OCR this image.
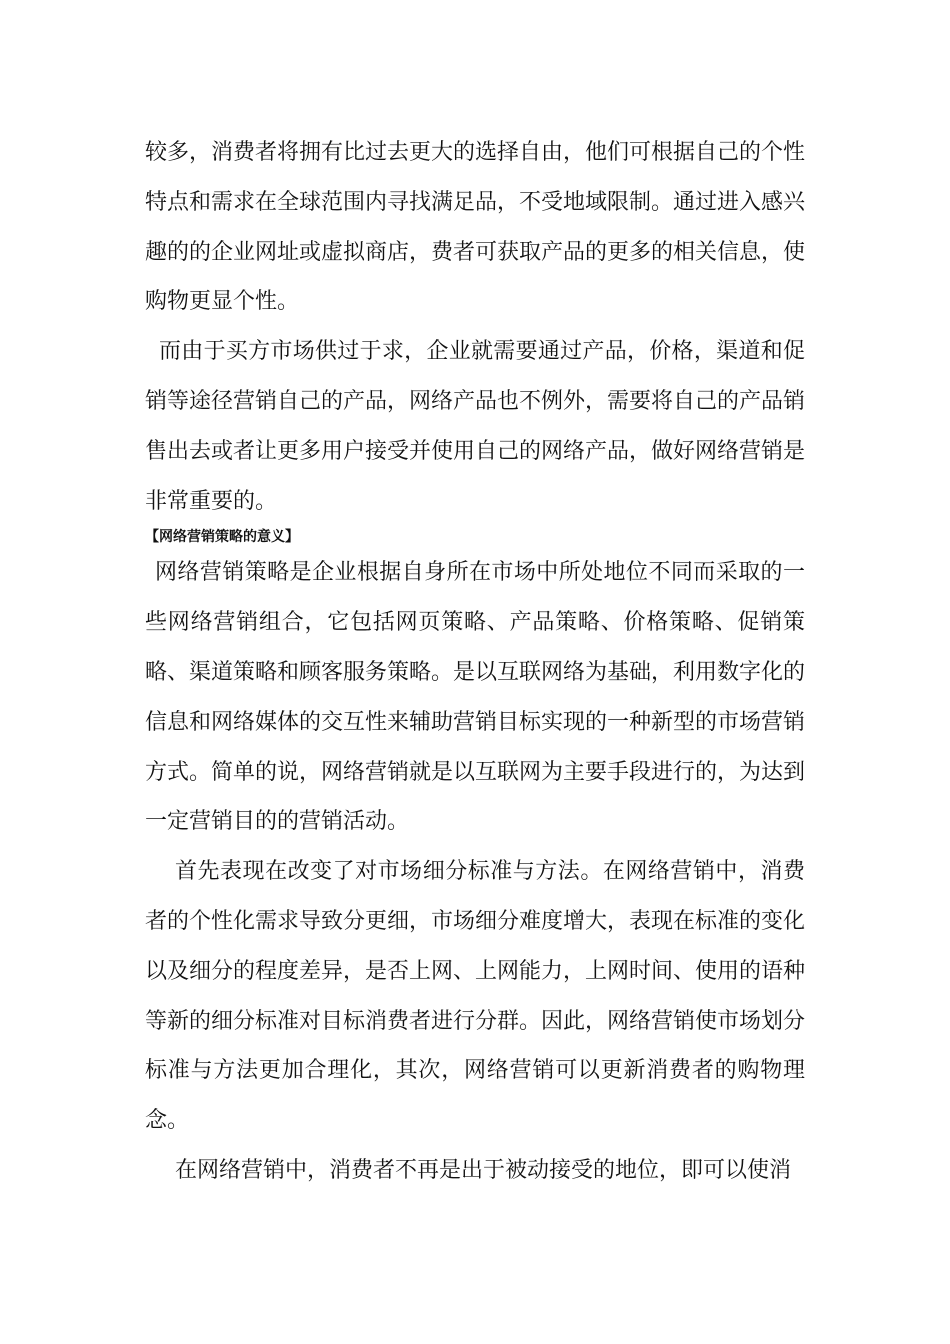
较多，消费者将拥有比过去更大的选择自由，他们可根据自己的个性特点和需求在全球范围内寻找满足品，不受地域限制。通过进入感兴趣的的企业网址或虚拟商店，费者可获取产品的更多的相关信息，使购物更显个性。

而由于买方市场供过于求，企业就需要通过产品，价格，渠道和促销等途径营销自己的产品，网络产品也不例外，需要将自己的产品销售出去或者让更多用户接受并使用自己的网络产品，做好网络营销是非常重要的。

【网络营销策略的意义】

网络营销策略是企业根据自身所在市场中所处地位不同而采取的一些网络营销组合，它包括网页策略、产品策略、价格策略、促销策略、渠道策略和顾客服务策略。是以互联网络为基础，利用数字化的信息和网络媒体的交互性来辅助营销目标实现的一种新型的市场营销方式。简单的说，网络营销就是以互联网为主要手段进行的，为达到一定营销目的的营销活动。

首先表现在改变了对市场细分标准与方法。在网络营销中，消费者的个性化需求导致分更细，市场细分难度增大，表现在标准的变化以及细分的程度差异，是否上网、上网能力，上网时间、使用的语种等新的细分标准对目标消费者进行分群。因此，网络营销使市场划分标准与方法更加合理化，其次，网络营销可以更新消费者的购物理念。

在网络营销中，消费者不再是出于被动接受的地位，即可以使消
